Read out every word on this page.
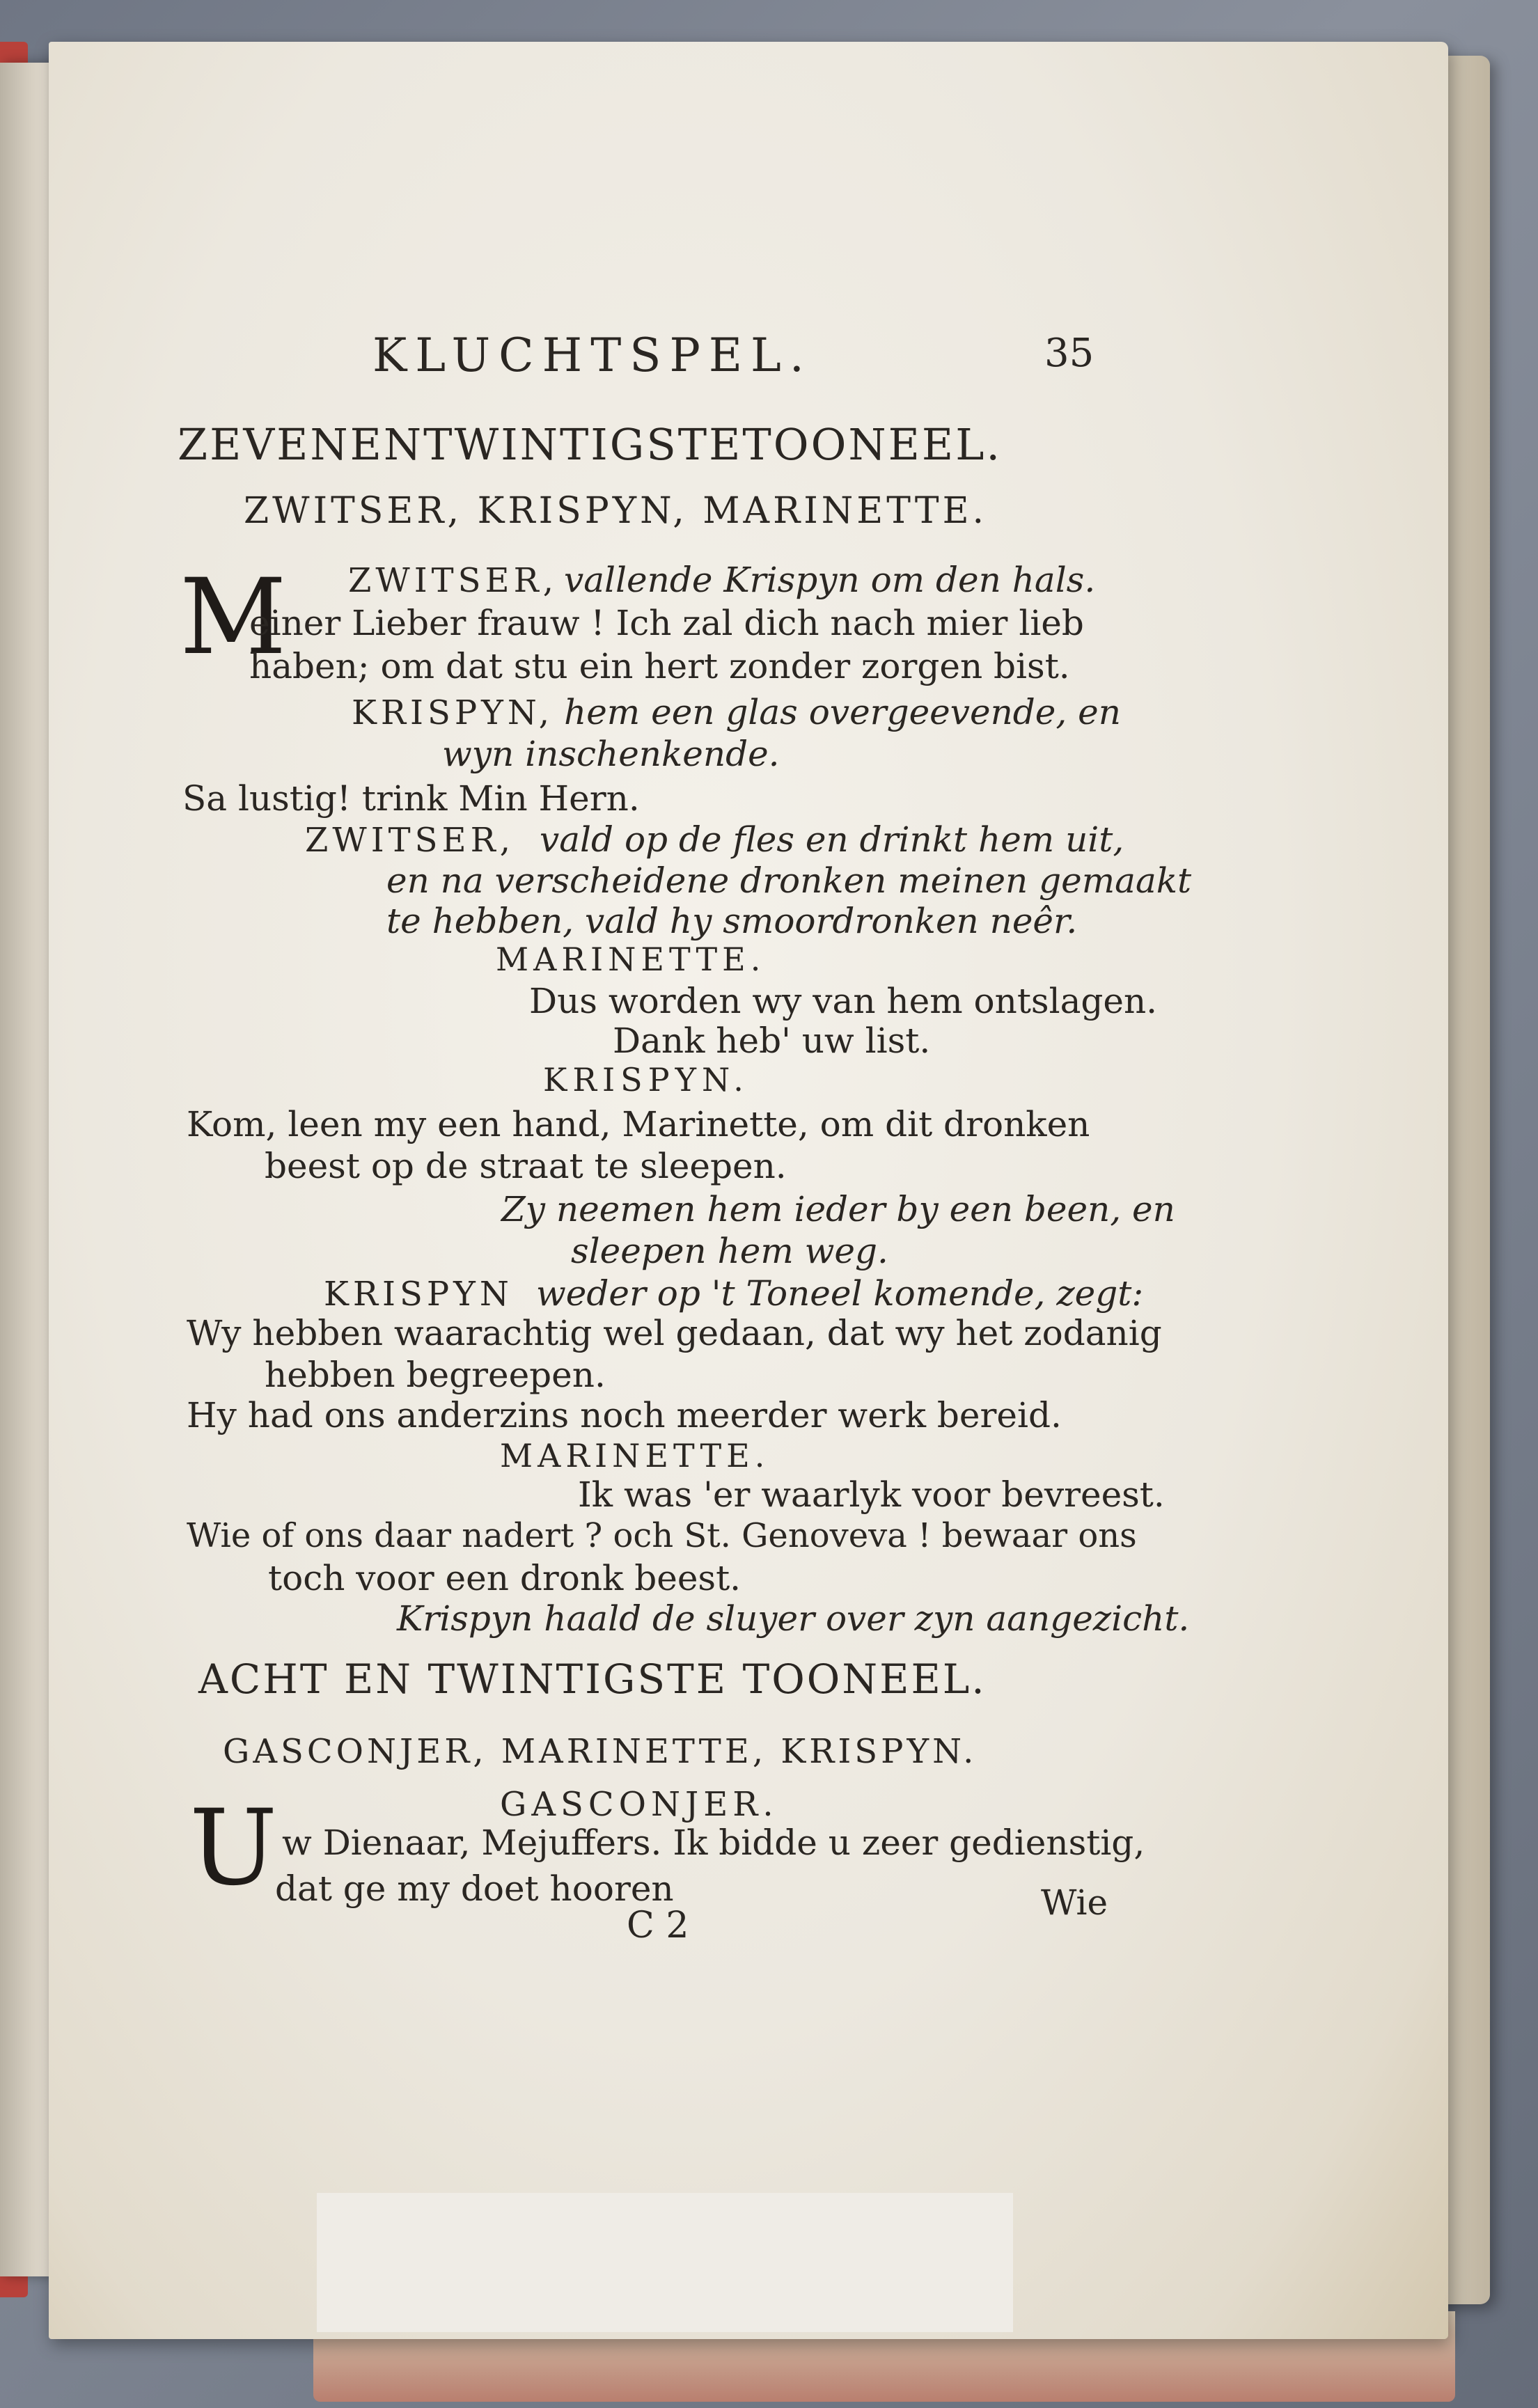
KLUCHTSPEL.	35
ZEVENENTWINTIGSTETOONEEL.
ZWITSER, KRISPYN, MARINETTE.
M ZWITSER, vallende Krispyn om den hals.
einer Lieber frauw ! Ich zal dich nach mier lieb
haben; om dat stu ein hert zonder zorgen bist.
KRISPYN, hem een glas overgeevende, en
wyn inschenkende.
Sa lustig! trink Min Hern.
ZWITSER, vald op de fles en drinkt hem uit,
en na verscheidene dronken meinen gemaakt
te hebben, vald hy smoordronken neêr.
MARINETTE.
Dus worden wy van hem ontslagen.
Dank heb' uw list.
KRISPYN.
Kom, leen my een hand, Marinette, om dit dronken
beest op de straat te sleepen.
Zy neemen hem ieder by een been, en
sleepen hem weg.
KRISPYN weder op 't Toneel komende, zegt:
Wy hebben waarachtig wel gedaan, dat wy het zodanig
hebben begreepen.
Hy had ons anderzins noch meerder werk bereid.
MARINETTE.
Ik was 'er waarlyk voor bevreest.
Wie of ons daar nadert ? och St. Genoveva ! bewaar ons
toch voor een dronk beest.
Krispyn haald de sluyer over zyn aangezicht.
ACHT EN TWINTIGSTE TOONEEL.
GASCONJER, MARINETTE, KRISPYN.
GASCONJER.
U w Dienaar, Mejuffers. Ik bidde u zeer gedienstig,
dat ge my doet hooren
C 2
Wie
